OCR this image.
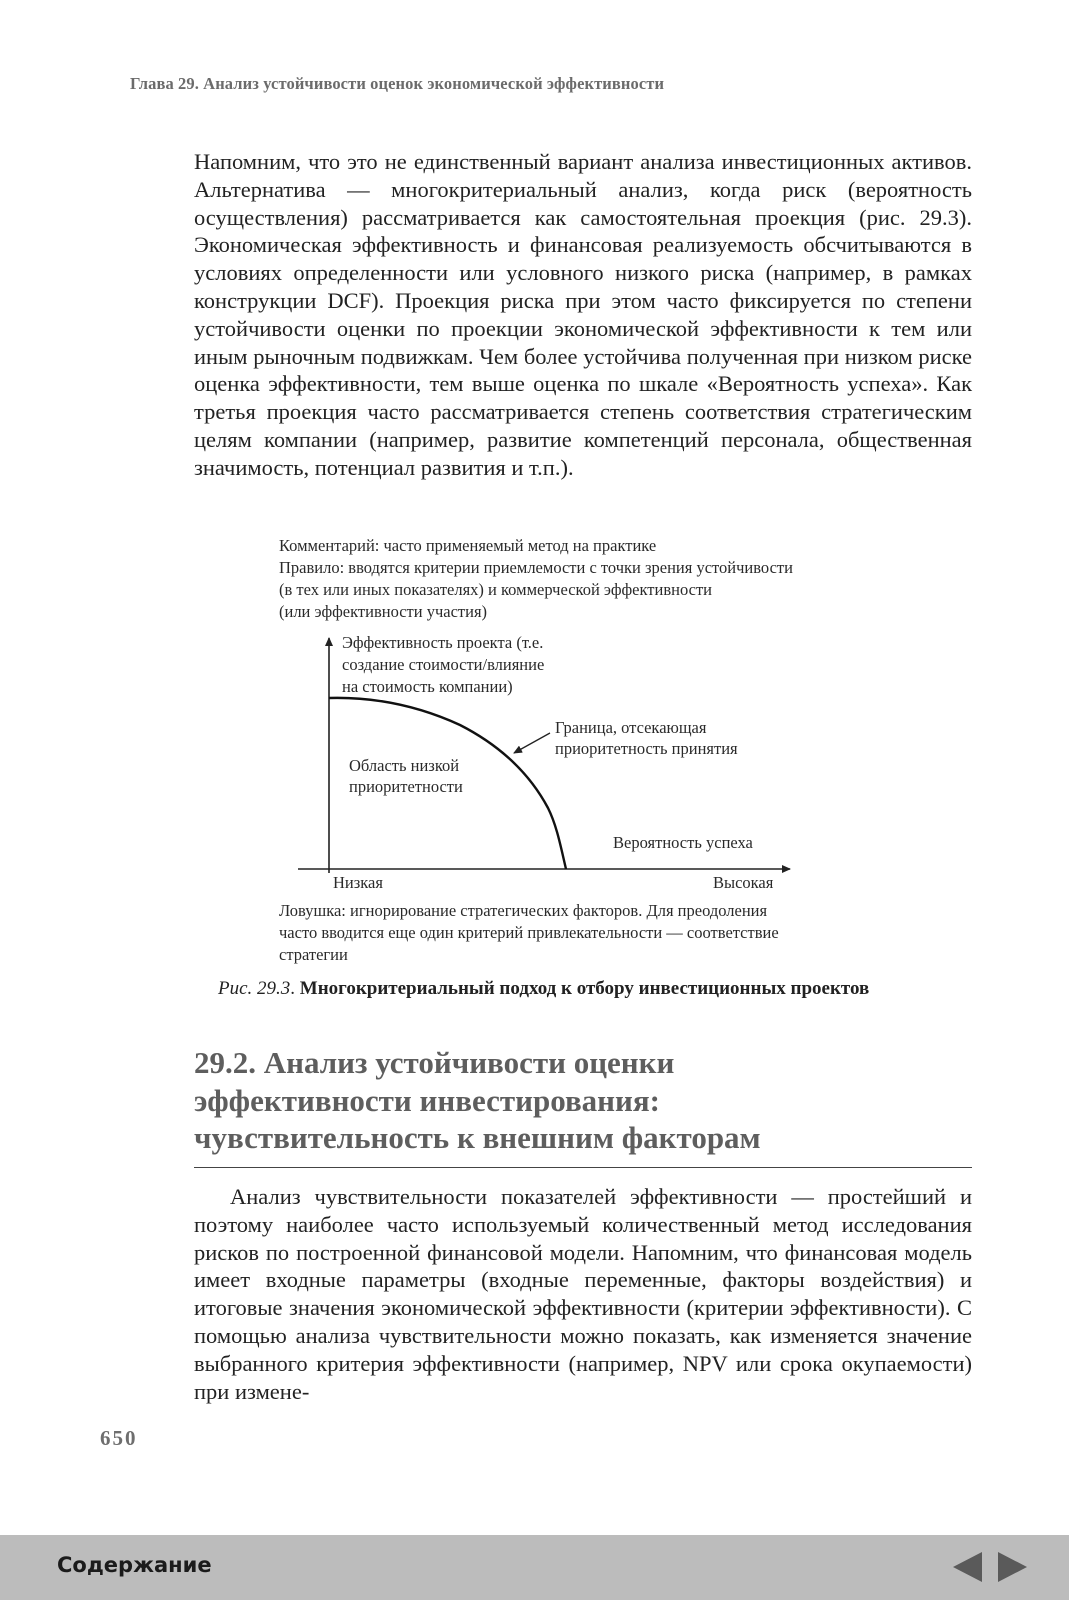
Глава 29. Анализ устойчивости оценок экономической эффективности

Напомним, что это не единственный вариант анализа инвестиционных активов. Альтернатива — многокритериальный анализ, когда риск (вероятность осуществления) рассматривается как самостоятельная проекция (рис. 29.3). Экономическая эффективность и финансовая реализуемость обсчитываются в условиях определенности или условного низкого риска (например, в рамках конструкции DCF). Проекция риска при этом часто фиксируется по степени устойчивости оценки по проекции экономической эффективности к тем или иным рыночным подвижкам. Чем более устойчива полученная при низком риске оценка эффективности, тем выше оценка по шкале «Вероятность успеха». Как третья проекция часто рассматривается степень соответствия стратегическим целям компании (например, развитие компетенций персонала, общественная значимость, потенциал развития и т.п.).

Комментарий: часто применяемый метод на практике
Правило: вводятся критерии приемлемости с точки зрения устойчивости
(в тех или иных показателях) и коммерческой эффективности
(или эффективности участия)
Эффективность проекта (т.е. создание стоимости/влияние на стоимость компании)
Граница, отсекающая приоритетность принятия
Область низкой приоритетности
Вероятность успеха
Низкая	Высокая
Ловушка: игнорирование стратегических факторов. Для преодоления
часто вводится еще один критерий привлекательности — соответствие
стратегии
Рис. 29.3. Многокритериальный подход к отбору инвестиционных проектов
29.2. Анализ устойчивости оценки
эффективности инвестирования:
чувствительность к внешним факторам

Анализ чувствительности показателей эффективности — простейший и поэтому наиболее часто используемый количественный метод исследования рисков по построенной финансовой модели. Напомним, что финансовая модель имеет входные параметры (входные переменные, факторы воздействия) и итоговые значения экономической эффективности (критерии эффективности). С помощью анализа чувствительности можно показать, как изменяется значение выбранного критерия эффективности (например, NPV или срока окупаемости) при измене-

650
Содержание
